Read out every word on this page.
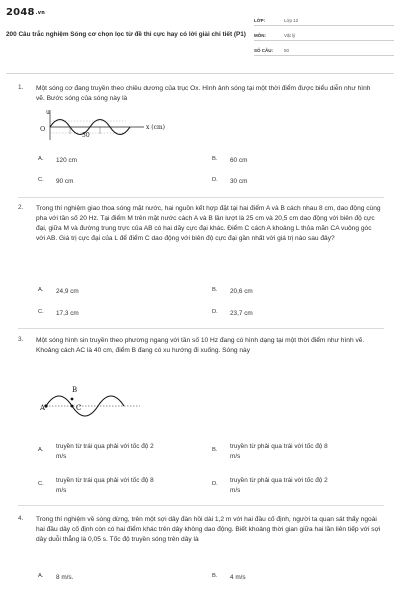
2048.vn
200 Câu trắc nghiệm Sóng cơ chọn lọc từ đề thi cực hay có lời giải chi tiết (P1)
LỚP:	Lớp 12
MÔN:	Vật lý
SỐ CÂU:	50
1. Một sóng cơ đang truyền theo chiều dương của trục Ox. Hình ảnh sóng tại một thời điểm được biểu diễn như hình vẽ. Bước sóng của sóng này là
u
O
30
x (cm)
A.	120 cm	B.	60 cm
C.	90 cm	D.	30 cm
2. Trong thí nghiệm giao thoa sóng mặt nước, hai nguồn kết hợp đặt tại hai điểm A và B cách nhau 8 cm, dao động cùng pha với tần số 20 Hz. Tại điểm M trên mặt nước cách A và B lần lượt là 25 cm và 20,5 cm dao động với biên độ cực đại, giữa M và đường trung trực của AB có hai dãy cực đại khác. Điểm C cách A khoảng L thỏa mãn CA vuông góc với AB. Giá trị cực đại của L để điểm C dao động với biên độ cực đại gần nhất với giá trị nào sau đây?
A.	24,9 cm	B.	20,6 cm
C.	17,3 cm	D.	23,7 cm
3. Một sóng hình sin truyền theo phương ngang với tần số 10 Hz đang có hình dạng tại một thời điểm như hình vẽ. Khoảng cách AC là 40 cm, điểm B đang có xu hướng đi xuống. Sóng này
A
B
C
A.	truyền từ trái qua phải với tốc độ 2
m/s
B.	truyền từ phải qua trái với tốc độ 8
m/s
C.	truyền từ trái qua phải với tốc độ 8
m/s
D.	truyền từ phải qua trái với tốc độ 2
m/s
4. Trong thí nghiệm về sóng dừng, trên một sợi dây đàn hồi dài 1,2 m với hai đầu cố định, người ta quan sát thấy ngoài hai đầu dây cố định còn có hai điểm khác trên dây không dao động. Biết khoảng thời gian giữa hai lần liên tiếp với sợi dây duỗi thẳng là 0,05 s. Tốc độ truyền sóng trên dây là
A.	8 m/s.	B.	4 m/s
